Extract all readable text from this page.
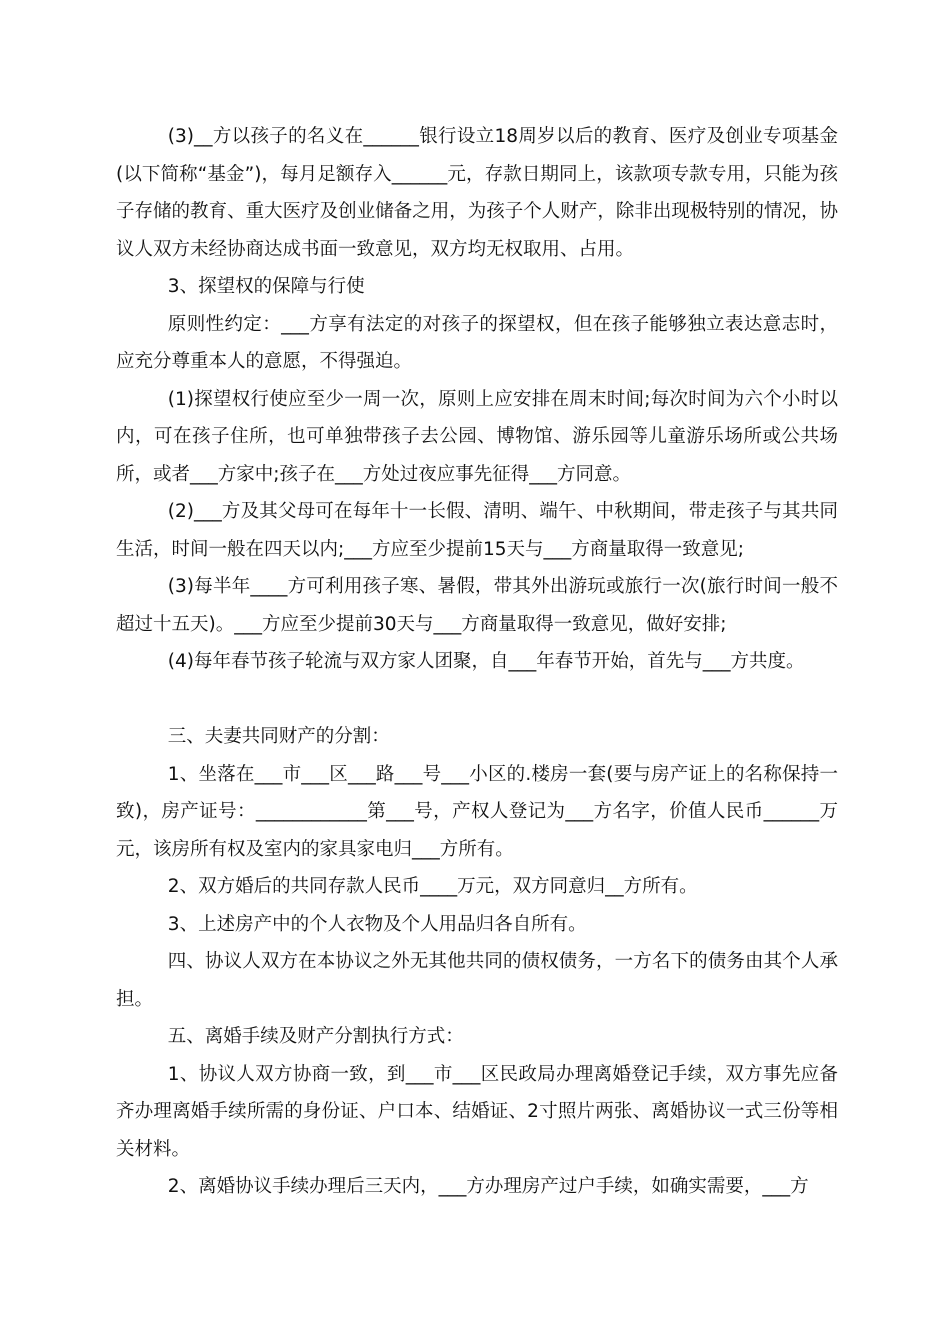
(3)__方以孩子的名义在______银行设立18周岁以后的教育、医疗及创业专项基金(以下简称“基金”)，每月足额存入______元，存款日期同上，该款项专款专用，只能为孩子存储的教育、重大医疗及创业储备之用，为孩子个人财产，除非出现极特别的情况，协议人双方未经协商达成书面一致意见，双方均无权取用、占用。

3、探望权的保障与行使

原则性约定：___方享有法定的对孩子的探望权，但在孩子能够独立表达意志时，应充分尊重本人的意愿，不得强迫。

(1)探望权行使应至少一周一次，原则上应安排在周末时间;每次时间为六个小时以内，可在孩子住所，也可单独带孩子去公园、博物馆、游乐园等儿童游乐场所或公共场所，或者___方家中;孩子在___方处过夜应事先征得___方同意。

(2)___方及其父母可在每年十一长假、清明、端午、中秋期间，带走孩子与其共同生活，时间一般在四天以内;___方应至少提前15天与___方商量取得一致意见;

(3)每半年____方可利用孩子寒、暑假，带其外出游玩或旅行一次(旅行时间一般不超过十五天)。___方应至少提前30天与___方商量取得一致意见，做好安排;

(4)每年春节孩子轮流与双方家人团聚，自___年春节开始，首先与___方共度。

三、夫妻共同财产的分割：

1、坐落在___市___区___路___号___小区的.楼房一套(要与房产证上的名称保持一致)，房产证号：____________第___号，产权人登记为___方名字，价值人民币______万元，该房所有权及室内的家具家电归___方所有。

2、双方婚后的共同存款人民币____万元，双方同意归__方所有。

3、上述房产中的个人衣物及个人用品归各自所有。

四、协议人双方在本协议之外无其他共同的债权债务，一方名下的债务由其个人承担。

五、离婚手续及财产分割执行方式：

1、协议人双方协商一致，到___市___区民政局办理离婚登记手续，双方事先应备齐办理离婚手续所需的身份证、户口本、结婚证、2寸照片两张、离婚协议一式三份等相关材料。

2、离婚协议手续办理后三天内，___方办理房产过户手续，如确实需要，___方
